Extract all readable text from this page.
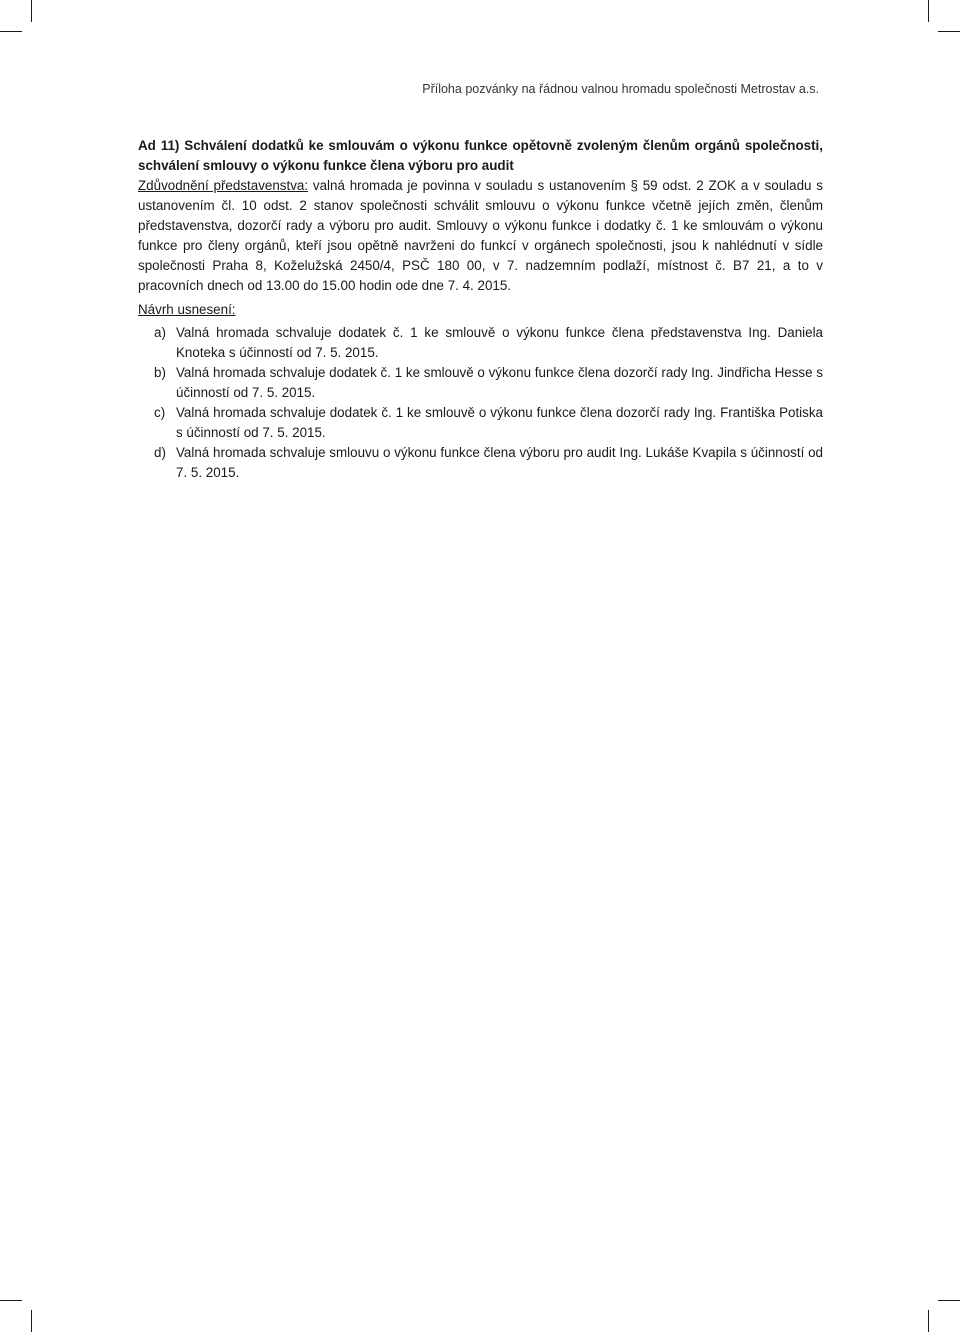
Příloha pozvánky na řádnou valnou hromadu společnosti Metrostav a.s.

Ad 11) Schválení dodatků ke smlouvám o výkonu funkce opětovně zvoleným členům orgánů společnosti, schválení smlouvy o výkonu funkce člena výboru pro audit

Zdůvodnění představenstva: valná hromada je povinna v souladu s ustanovením § 59 odst. 2 ZOK a v souladu s ustanovením čl. 10 odst. 2 stanov společnosti schválit smlouvu o výkonu funkce včetně jejích změn, členům představenstva, dozorčí rady a výboru pro audit. Smlouvy o výkonu funkce i dodatky č. 1 ke smlouvám o výkonu funkce pro členy orgánů, kteří jsou opětně navrženi do funkcí v orgánech společnosti, jsou k nahlédnutí v sídle společnosti Praha 8, Koželužská 2450/4, PSČ 180 00, v 7. nadzemním podlaží, místnost č. B7 21, a to v pracovních dnech od 13.00 do 15.00 hodin ode dne 7. 4. 2015.

Návrh usnesení:

a) Valná hromada schvaluje dodatek č. 1 ke smlouvě o výkonu funkce člena představenstva Ing. Daniela Knoteka s účinností od 7. 5. 2015.
b) Valná hromada schvaluje dodatek č. 1 ke smlouvě o výkonu funkce člena dozorčí rady Ing. Jindřicha Hesse s účinností od 7. 5. 2015.
c) Valná hromada schvaluje dodatek č. 1 ke smlouvě o výkonu funkce člena dozorčí rady Ing. Františka Potiska s účinností od 7. 5. 2015.
d) Valná hromada schvaluje smlouvu o výkonu funkce člena výboru pro audit Ing. Lukáše Kvapila s účinností od 7. 5. 2015.
